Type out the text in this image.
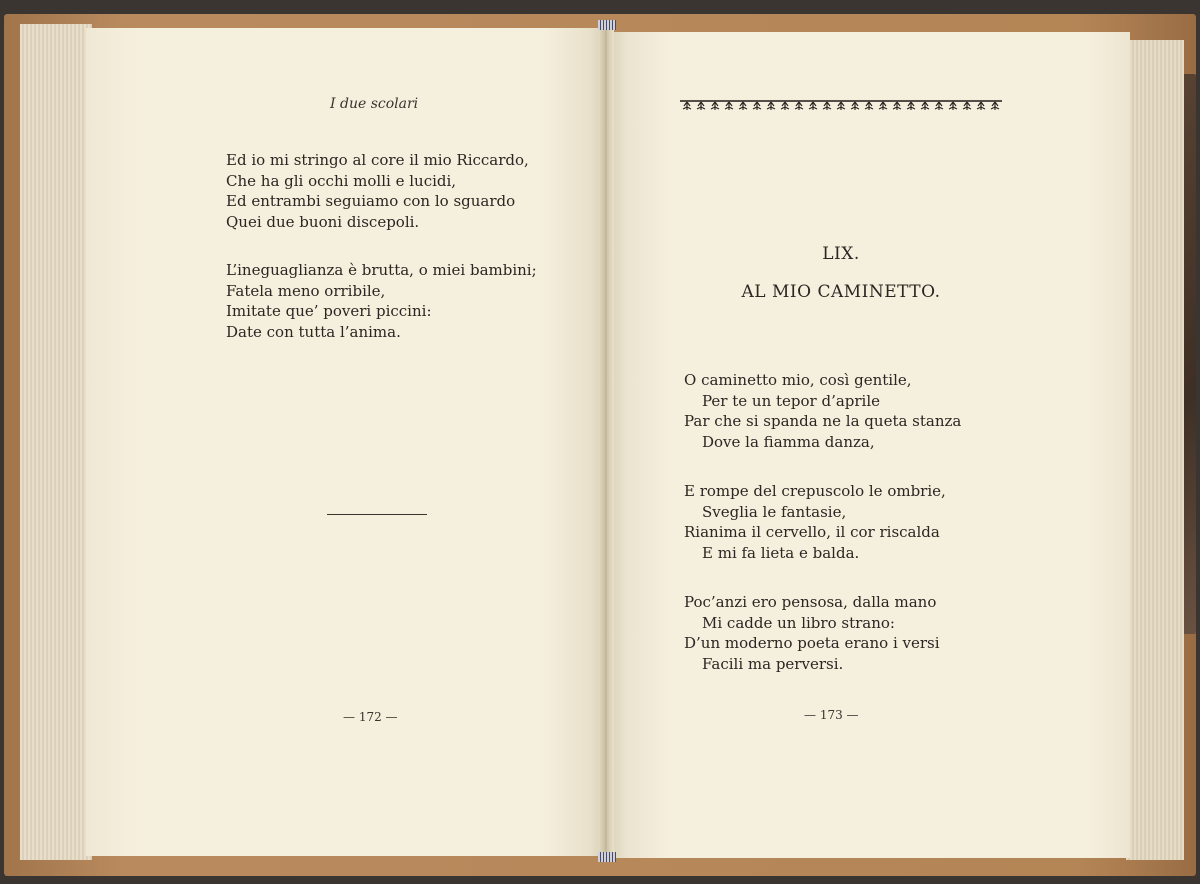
I due scolari
Ed io mi stringo al core il mio Riccardo,
Che ha gli occhi molli e lucidi,
Ed entrambi seguiamo con lo sguardo
Quei due buoni discepoli.
L’ineguaglianza è brutta, o miei bambini;
Fatela meno orribile,
Imitate que’ poveri piccini:
Date con tutta l’anima.
— 172 —
LIX.
AL MIO CAMINETTO.
O caminetto mio, così gentile,
Per te un tepor d’aprile
Par che si spanda ne la queta stanza
Dove la fiamma danza,
E rompe del crepuscolo le ombrie,
Sveglia le fantasie,
Rianima il cervello, il cor riscalda
E mi fa lieta e balda.
Poc’anzi ero pensosa, dalla mano
Mi cadde un libro strano:
D’un moderno poeta erano i versi
Facili ma perversi.
— 173 —
